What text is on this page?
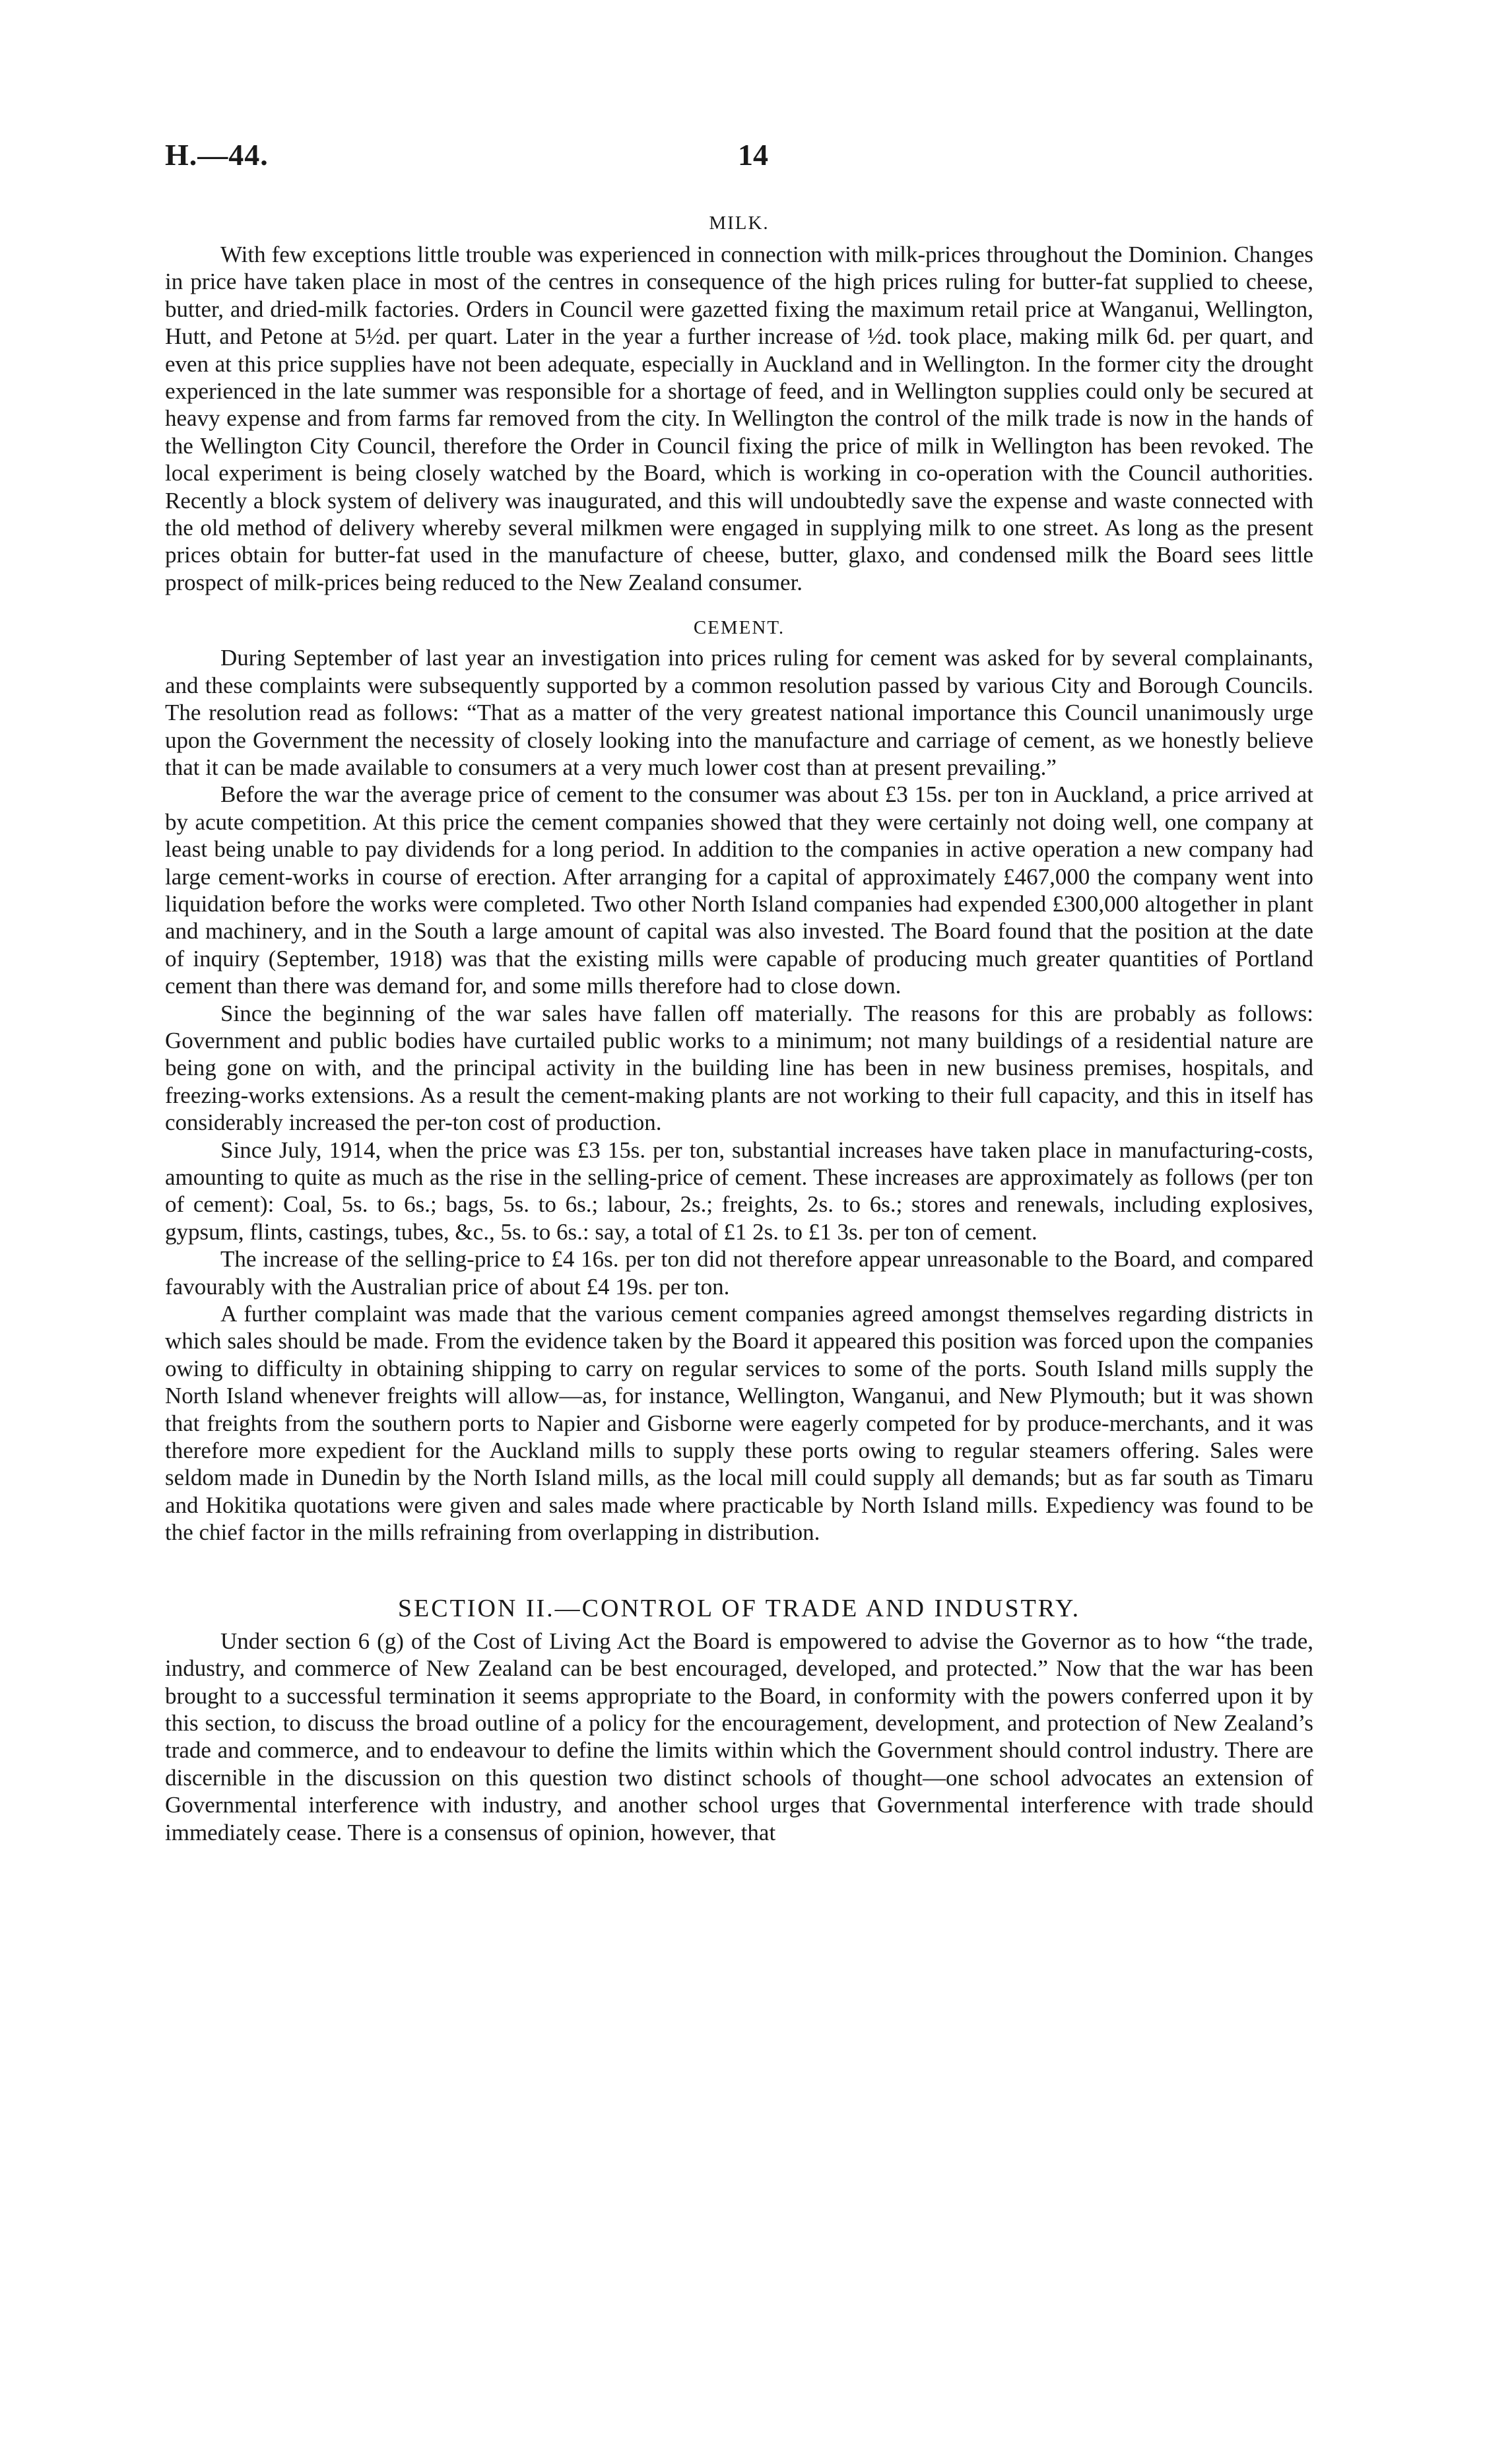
H.—44.	14
MILK.

With few exceptions little trouble was experienced in connection with milk-prices throughout the Dominion. Changes in price have taken place in most of the centres in consequence of the high prices ruling for butter-fat supplied to cheese, butter, and dried-milk factories. Orders in Council were gazetted fixing the maximum retail price at Wanganui, Wellington, Hutt, and Petone at 5½d. per quart. Later in the year a further increase of ½d. took place, making milk 6d. per quart, and even at this price supplies have not been adequate, especially in Auckland and in Wellington. In the former city the drought experienced in the late summer was responsible for a shortage of feed, and in Wellington supplies could only be secured at heavy expense and from farms far removed from the city. In Wellington the control of the milk trade is now in the hands of the Wellington City Council, therefore the Order in Council fixing the price of milk in Wellington has been revoked. The local experiment is being closely watched by the Board, which is working in co-operation with the Council authorities. Recently a block system of delivery was inaugurated, and this will undoubtedly save the expense and waste connected with the old method of delivery whereby several milkmen were engaged in supplying milk to one street. As long as the present prices obtain for butter-fat used in the manufacture of cheese, butter, glaxo, and condensed milk the Board sees little prospect of milk-prices being reduced to the New Zealand consumer.

CEMENT.

During September of last year an investigation into prices ruling for cement was asked for by several complainants, and these complaints were subsequently supported by a common resolution passed by various City and Borough Councils. The resolution read as follows: “That as a matter of the very greatest national importance this Council unanimously urge upon the Government the necessity of closely looking into the manufacture and carriage of cement, as we honestly believe that it can be made available to consumers at a very much lower cost than at present prevailing.”

Before the war the average price of cement to the consumer was about £3 15s. per ton in Auckland, a price arrived at by acute competition. At this price the cement companies showed that they were certainly not doing well, one company at least being unable to pay dividends for a long period. In addition to the companies in active operation a new company had large cement-works in course of erection. After arranging for a capital of approximately £467,000 the company went into liquidation before the works were completed. Two other North Island companies had expended £300,000 altogether in plant and machinery, and in the South a large amount of capital was also invested. The Board found that the position at the date of inquiry (September, 1918) was that the existing mills were capable of producing much greater quantities of Portland cement than there was demand for, and some mills therefore had to close down.

Since the beginning of the war sales have fallen off materially. The reasons for this are probably as follows: Government and public bodies have curtailed public works to a minimum; not many buildings of a residential nature are being gone on with, and the principal activity in the building line has been in new business premises, hospitals, and freezing-works extensions. As a result the cement-making plants are not working to their full capacity, and this in itself has considerably increased the per-ton cost of production.

Since July, 1914, when the price was £3 15s. per ton, substantial increases have taken place in manufacturing-costs, amounting to quite as much as the rise in the selling-price of cement. These increases are approximately as follows (per ton of cement): Coal, 5s. to 6s.; bags, 5s. to 6s.; labour, 2s.; freights, 2s. to 6s.; stores and renewals, including explosives, gypsum, flints, castings, tubes, &c., 5s. to 6s.: say, a total of £1 2s. to £1 3s. per ton of cement.

The increase of the selling-price to £4 16s. per ton did not therefore appear unreasonable to the Board, and compared favourably with the Australian price of about £4 19s. per ton.

A further complaint was made that the various cement companies agreed amongst themselves regarding districts in which sales should be made. From the evidence taken by the Board it appeared this position was forced upon the companies owing to difficulty in obtaining shipping to carry on regular services to some of the ports. South Island mills supply the North Island whenever freights will allow—as, for instance, Wellington, Wanganui, and New Plymouth; but it was shown that freights from the southern ports to Napier and Gisborne were eagerly competed for by produce-merchants, and it was therefore more expedient for the Auckland mills to supply these ports owing to regular steamers offering. Sales were seldom made in Dunedin by the North Island mills, as the local mill could supply all demands; but as far south as Timaru and Hokitika quotations were given and sales made where practicable by North Island mills. Expediency was found to be the chief factor in the mills refraining from overlapping in distribution.

SECTION II.—CONTROL OF TRADE AND INDUSTRY.

Under section 6 (g) of the Cost of Living Act the Board is empowered to advise the Governor as to how “the trade, industry, and commerce of New Zealand can be best encouraged, developed, and protected.” Now that the war has been brought to a successful termination it seems appropriate to the Board, in conformity with the powers conferred upon it by this section, to discuss the broad outline of a policy for the encouragement, development, and protection of New Zealand’s trade and commerce, and to endeavour to define the limits within which the Government should control industry. There are discernible in the discussion on this question two distinct schools of thought—one school advocates an extension of Governmental interference with industry, and another school urges that Governmental interference with trade should immediately cease. There is a consensus of opinion, however, that
